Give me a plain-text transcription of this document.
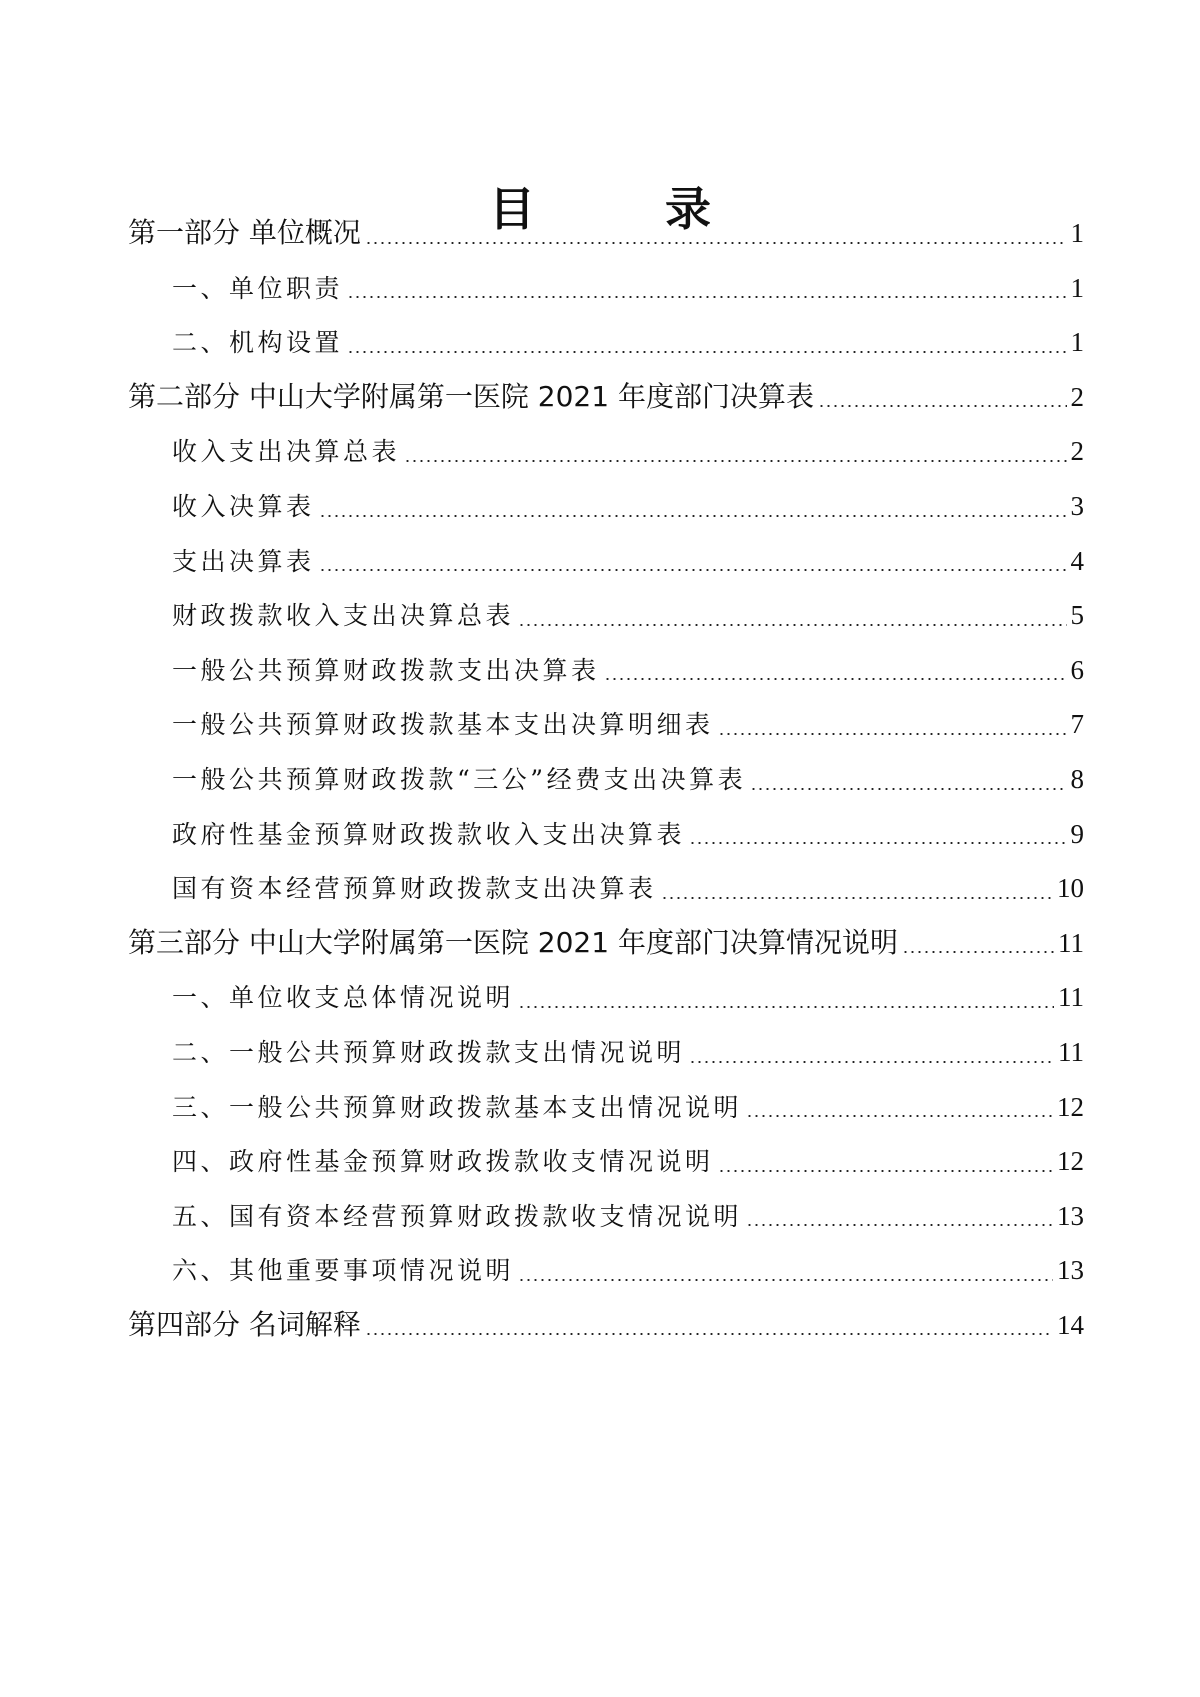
目　录
第一部分 单位概况	1
一、单位职责	1
二、机构设置	1
第二部分 中山大学附属第一医院 2021 年度部门决算表	2
收入支出决算总表	2
收入决算表	3
支出决算表	4
财政拨款收入支出决算总表	5
一般公共预算财政拨款支出决算表	6
一般公共预算财政拨款基本支出决算明细表	7
一般公共预算财政拨款“三公”经费支出决算表	8
政府性基金预算财政拨款收入支出决算表	9
国有资本经营预算财政拨款支出决算表	10
第三部分 中山大学附属第一医院 2021 年度部门决算情况说明	11
一、单位收支总体情况说明	11
二、一般公共预算财政拨款支出情况说明	11
三、一般公共预算财政拨款基本支出情况说明	12
四、政府性基金预算财政拨款收支情况说明	12
五、国有资本经营预算财政拨款收支情况说明	13
六、其他重要事项情况说明	13
第四部分 名词解释	14
